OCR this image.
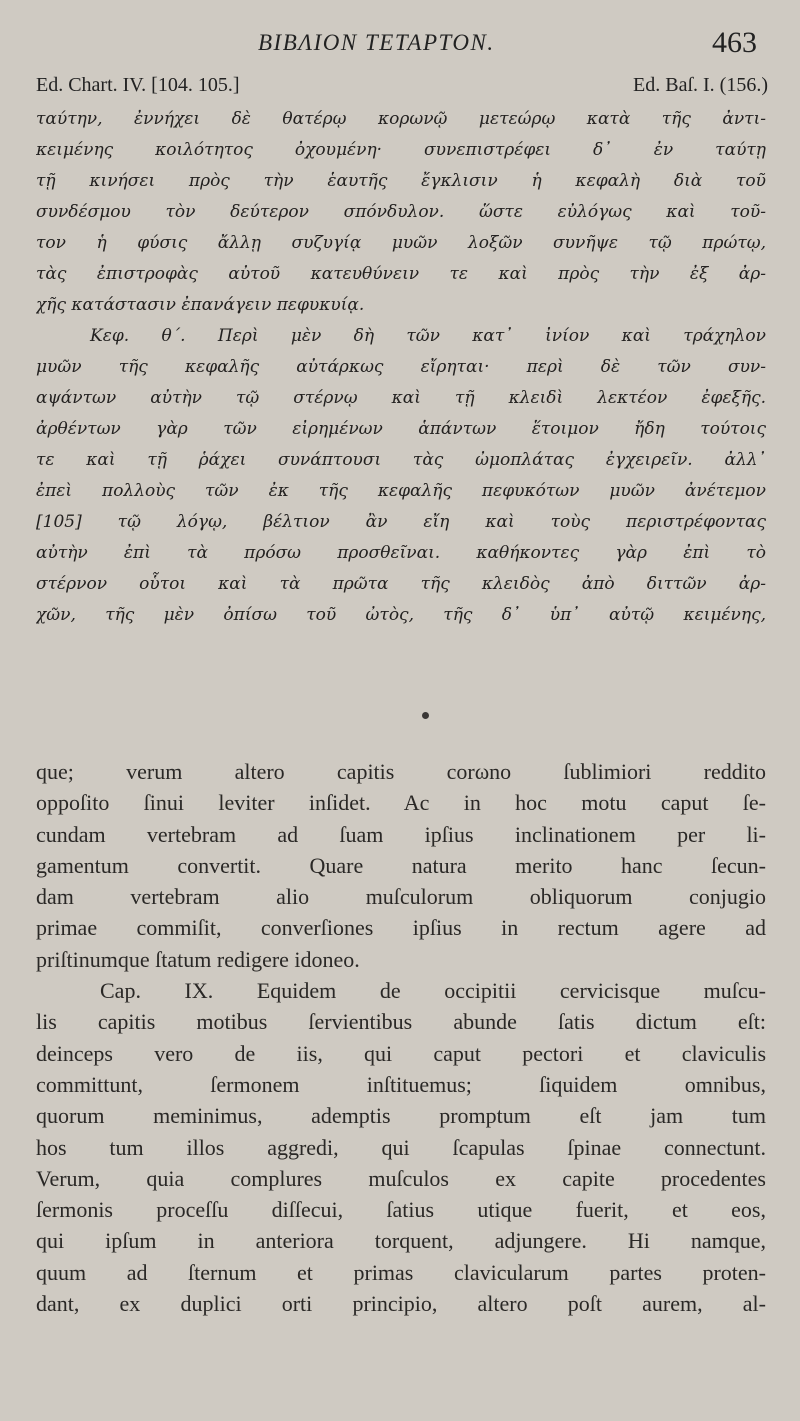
ΒΙΒΛΙΟΝ ΤΕΤΑΡΤΟΝ.	463
Ed. Chart. IV. [104. 105.]	Ed. Baſ. I. (156.)
ταύτην, ἐννήχει δὲ θατέρῳ κορωνῷ μετεώρῳ κατὰ τῆς ἀντι-
κειμένης κοιλότητος ὀχουμένη· συνεπιστρέφει δ᾽ ἐν ταύτῃ
τῇ κινήσει πρὸς τὴν ἑαυτῆς ἔγκλισιν ἡ κεφαλὴ διὰ τοῦ
συνδέσμου τὸν δεύτερον σπόνδυλον. ὥστε εὐλόγως καὶ τοῦ-
τον ἡ φύσις ἄλλῃ συζυγίᾳ μυῶν λοξῶν συνῆψε τῷ πρώτῳ,
τὰς ἐπιστροφὰς αὐτοῦ κατευθύνειν τε καὶ πρὸς τὴν ἐξ ἀρ-
χῆς κατάστασιν ἐπανάγειν πεφυκυίᾳ.
Κεφ. θ΄. Περὶ μὲν δὴ τῶν κατ᾽ ἰνίον καὶ τράχηλον
μυῶν τῆς κεφαλῆς αὐτάρκως εἴρηται· περὶ δὲ τῶν συν-
αψάντων αὐτὴν τῷ στέρνῳ καὶ τῇ κλειδὶ λεκτέον ἐφεξῆς.
ἀρθέντων γὰρ τῶν εἰρημένων ἁπάντων ἕτοιμον ἤδη τούτοις
τε καὶ τῇ ῥάχει συνάπτουσι τὰς ὠμοπλάτας ἐγχειρεῖν. ἀλλ᾽
ἐπεὶ πολλοὺς τῶν ἐκ τῆς κεφαλῆς πεφυκότων μυῶν ἀνέτεμον
[105] τῷ λόγῳ, βέλτιον ἂν εἴη καὶ τοὺς περιστρέφοντας
αὐτὴν ἐπὶ τὰ πρόσω προσθεῖναι. καθήκοντες γὰρ ἐπὶ τὸ
στέρνον οὗτοι καὶ τὰ πρῶτα τῆς κλειδὸς ἀπὸ διττῶν ἀρ-
χῶν, τῆς μὲν ὀπίσω τοῦ ὠτὸς, τῆς δ᾽ ὑπ᾽ αὐτῷ κειμένης,
que; verum altero capitis corωno ſublimiori reddito
oppoſito ſinui leviter inſidet. Ac in hoc motu caput ſe-
cundam vertebram ad ſuam ipſius inclinationem per li-
gamentum convertit. Quare natura merito hanc ſecun-
dam vertebram alio muſculorum obliquorum conjugio
primae commiſit, converſiones ipſius in rectum agere ad
priſtinumque ſtatum redigere idoneo.
Cap. IX. Equidem de occipitii cervicisque muſcu-
lis capitis motibus ſervientibus abunde ſatis dictum eſt:
deinceps vero de iis, qui caput pectori et claviculis
committunt, ſermonem inſtituemus; ſiquidem omnibus,
quorum meminimus, ademptis promptum eſt jam tum
hos tum illos aggredi, qui ſcapulas ſpinae connectunt.
Verum, quia complures muſculos ex capite procedentes
ſermonis proceſſu diſſecui, ſatius utique fuerit, et eos,
qui ipſum in anteriora torquent, adjungere. Hi namque,
quum ad ſternum et primas clavicularum partes proten-
dant, ex duplici orti principio, altero poſt aurem, al-
